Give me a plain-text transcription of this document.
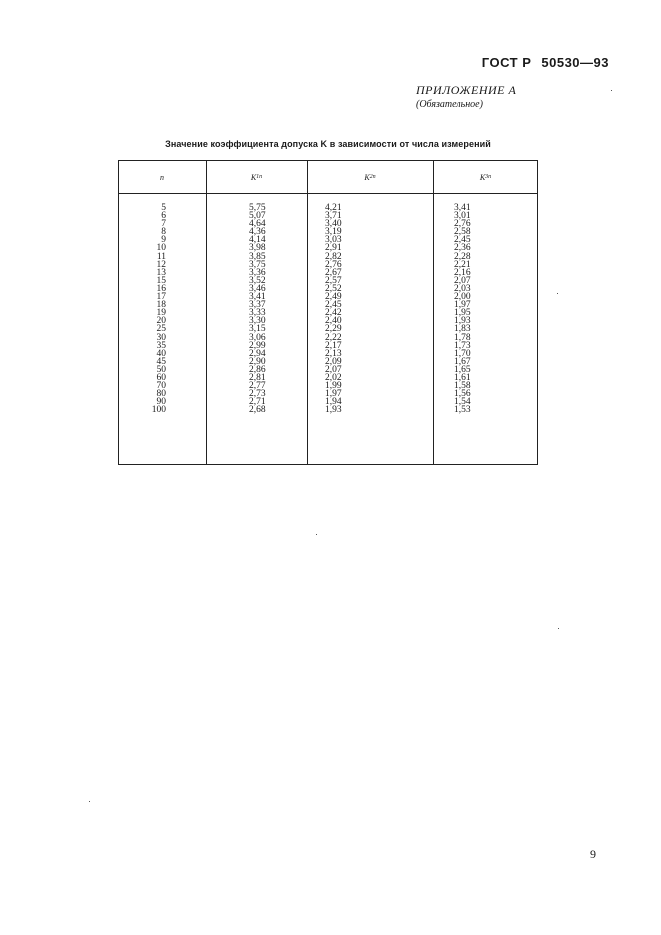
ГОСТ Р 50530—93
ПРИЛОЖЕНИЕ А
(Обязательное)
Значение коэффициента допуска K в зависимости от числа измерений
n	K 1n	K 2n	K 3n
5	5,75	4,21	3,41
6	5,07	3,71	3,01
7	4,64	3,40	2,76
8	4,36	3,19	2,58
9	4,14	3,03	2,45
10	3,98	2,91	2,36
11	3,85	2,82	2,28
12	3,75	2,76	2,21
13	3,36	2,67	2,16
15	3,52	2,57	2,07
16	3,46	2,52	2,03
17	3,41	2,49	2,00
18	3,37	2,45	1,97
19	3,33	2,42	1,95
20	3,30	2,40	1,93
25	3,15	2,29	1,83
30	3,06	2,22	1,78
35	2,99	2,17	1,73
40	2,94	2,13	1,70
45	2,90	2,09	1,67
50	2,86	2,07	1,65
60	2,81	2,02	1,61
70	2,77	1,99	1,58
80	2,73	1,97	1,56
90	2,71	1,94	1,54
100	2,68	1,93	1,53
9
